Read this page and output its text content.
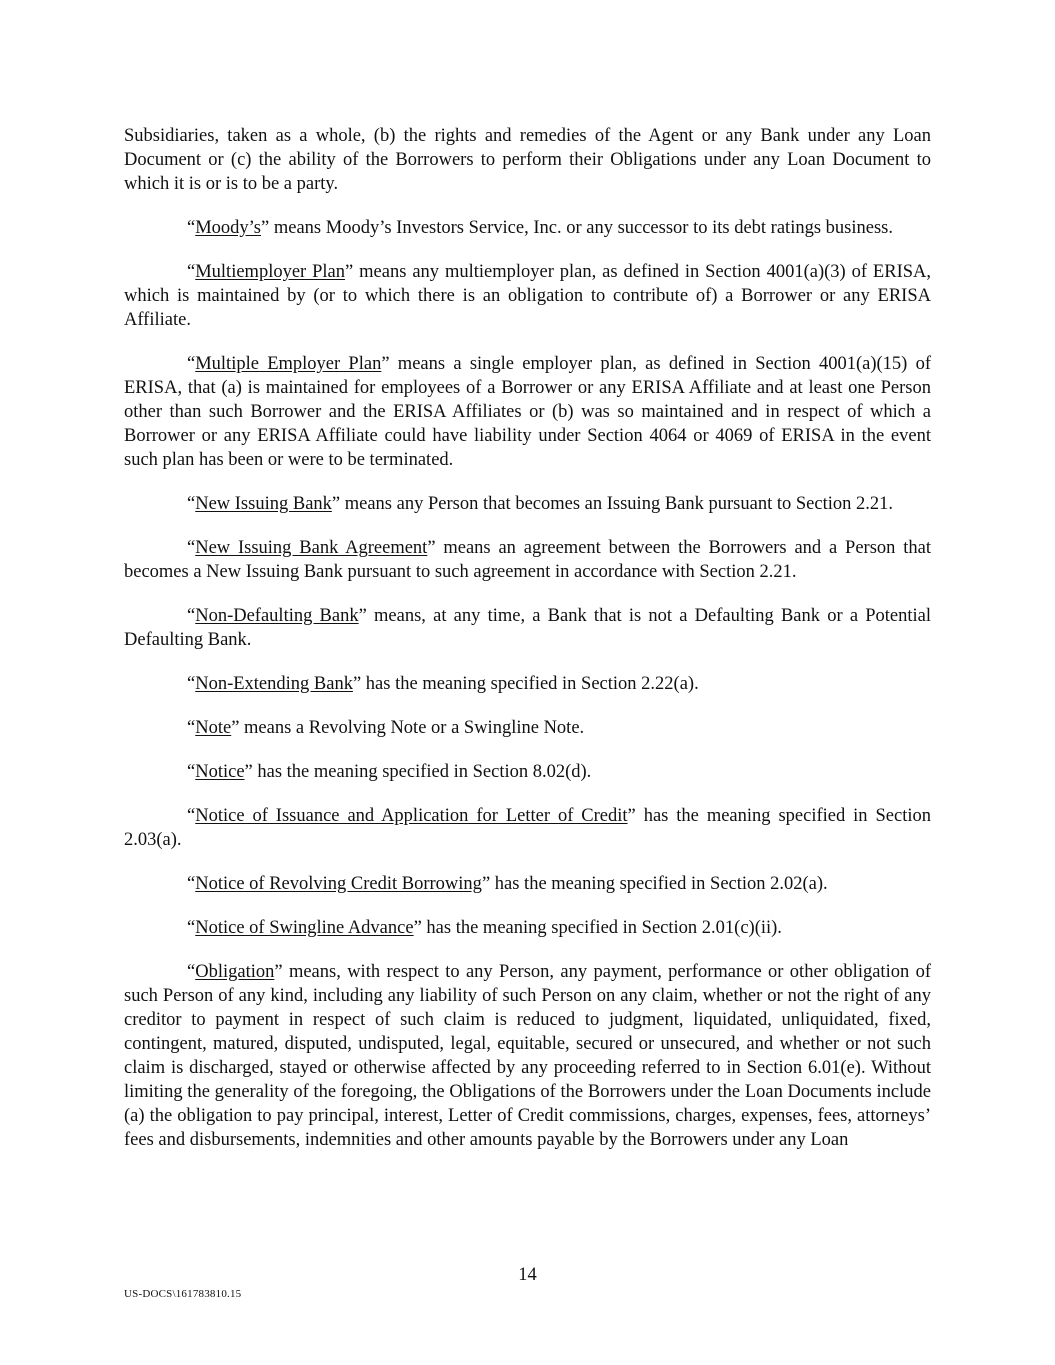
Subsidiaries, taken as a whole, (b) the rights and remedies of the Agent or any Bank under any Loan Document or (c) the ability of the Borrowers to perform their Obligations under any Loan Document to which it is or is to be a party.

“Moody’s” means Moody’s Investors Service, Inc. or any successor to its debt ratings business.

“Multiemployer Plan” means any multiemployer plan, as defined in Section 4001(a)(3) of ERISA, which is maintained by (or to which there is an obligation to contribute of) a Borrower or any ERISA Affiliate.

“Multiple Employer Plan” means a single employer plan, as defined in Section 4001(a)(15) of ERISA, that (a) is maintained for employees of a Borrower or any ERISA Affiliate and at least one Person other than such Borrower and the ERISA Affiliates or (b) was so maintained and in respect of which a Borrower or any ERISA Affiliate could have liability under Section 4064 or 4069 of ERISA in the event such plan has been or were to be terminated.

“New Issuing Bank” means any Person that becomes an Issuing Bank pursuant to Section 2.21.

“New Issuing Bank Agreement” means an agreement between the Borrowers and a Person that becomes a New Issuing Bank pursuant to such agreement in accordance with Section 2.21.

“Non-Defaulting Bank” means, at any time, a Bank that is not a Defaulting Bank or a Potential Defaulting Bank.

“Non-Extending Bank” has the meaning specified in Section 2.22(a).

“Note” means a Revolving Note or a Swingline Note.

“Notice” has the meaning specified in Section 8.02(d).

“Notice of Issuance and Application for Letter of Credit” has the meaning specified in Section 2.03(a).

“Notice of Revolving Credit Borrowing” has the meaning specified in Section 2.02(a).

“Notice of Swingline Advance” has the meaning specified in Section 2.01(c)(ii).

“Obligation” means, with respect to any Person, any payment, performance or other obligation of such Person of any kind, including any liability of such Person on any claim, whether or not the right of any creditor to payment in respect of such claim is reduced to judgment, liquidated, unliquidated, fixed, contingent, matured, disputed, undisputed, legal, equitable, secured or unsecured, and whether or not such claim is discharged, stayed or otherwise affected by any proceeding referred to in Section 6.01(e). Without limiting the generality of the foregoing, the Obligations of the Borrowers under the Loan Documents include (a) the obligation to pay principal, interest, Letter of Credit commissions, charges, expenses, fees, attorneys’ fees and disbursements, indemnities and other amounts payable by the Borrowers under any Loan

14
US-DOCS\161783810.15
